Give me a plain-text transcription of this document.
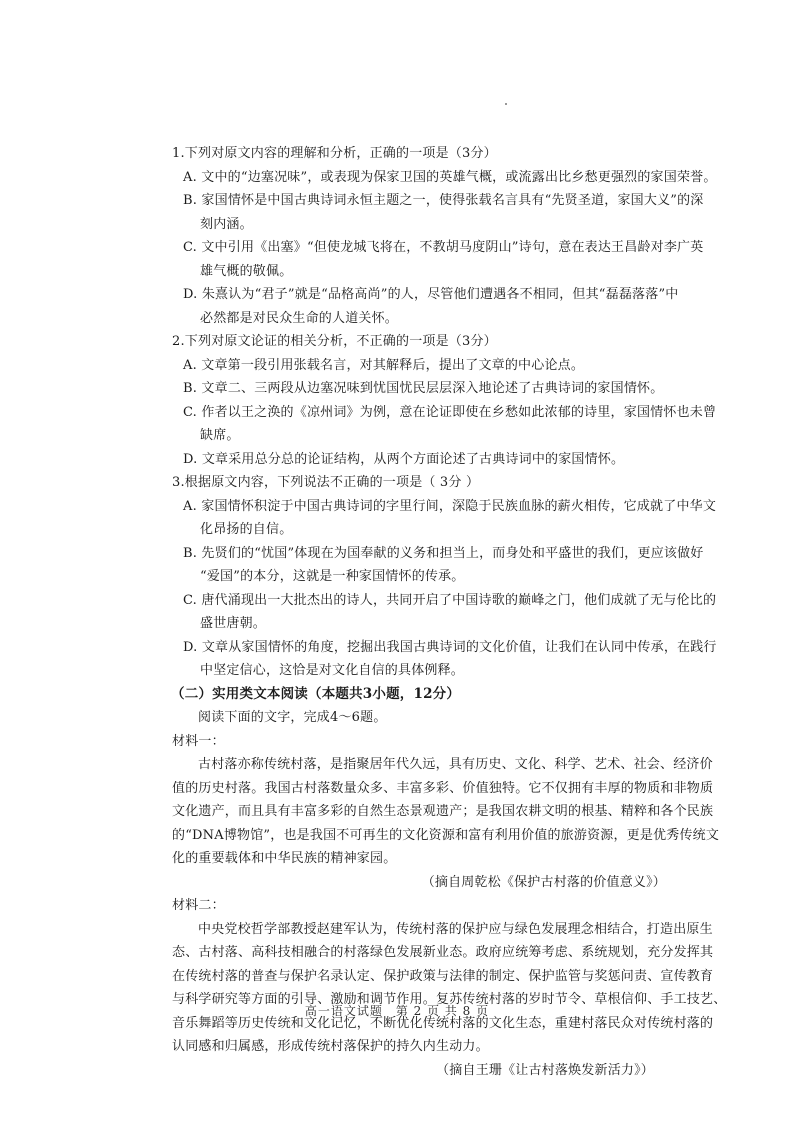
1.下列对原文内容的理解和分析，正确的一项是（3分）
A. 文中的“边塞况味”，或表现为保家卫国的英雄气概，或流露出比乡愁更强烈的家国荣誉。
B. 家国情怀是中国古典诗词永恒主题之一，使得张载名言具有“先贤圣道，家国大义”的深
刻内涵。
C. 文中引用《出塞》“但使龙城飞将在，不教胡马度阴山”诗句，意在表达王昌龄对李广英
雄气概的敬佩。
D. 朱熹认为“君子”就是“品格高尚”的人，尽管他们遭遇各不相同，但其“磊磊落落”中
必然都是对民众生命的人道关怀。
2.下列对原文论证的相关分析，不正确的一项是（3分）
A. 文章第一段引用张载名言，对其解释后，提出了文章的中心论点。
B. 文章二、三两段从边塞况味到忧国忧民层层深入地论述了古典诗词的家国情怀。
C. 作者以王之涣的《凉州词》为例，意在论证即使在乡愁如此浓郁的诗里，家国情怀也未曾
缺席。
D. 文章采用总分总的论证结构，从两个方面论述了古典诗词中的家国情怀。
3.根据原文内容，下列说法不正确的一项是（ 3分 ）
A. 家国情怀积淀于中国古典诗词的字里行间，深隐于民族血脉的薪火相传，它成就了中华文
化昂扬的自信。
B. 先贤们的“忧国”体现在为国奉献的义务和担当上，而身处和平盛世的我们，更应该做好
“爱国”的本分，这就是一种家国情怀的传承。
C. 唐代涌现出一大批杰出的诗人，共同开启了中国诗歌的巅峰之门，他们成就了无与伦比的
盛世唐朝。
D. 文章从家国情怀的角度，挖掘出我国古典诗词的文化价值，让我们在认同中传承，在践行
中坚定信心，这恰是对文化自信的具体例释。
（二）实用类文本阅读（本题共3小题，12分）
阅读下面的文字，完成4～6题。
材料一：
古村落亦称传统村落，是指聚居年代久远，具有历史、文化、科学、艺术、社会、经济价
值的历史村落。我国古村落数量众多、丰富多彩、价值独特。它不仅拥有丰厚的物质和非物质
文化遗产，而且具有丰富多彩的自然生态景观遗产；是我国农耕文明的根基、精粹和各个民族
的“DNA博物馆”，也是我国不可再生的文化资源和富有利用价值的旅游资源，更是优秀传统文
化的重要载体和中华民族的精神家园。
（摘自周乾松《保护古村落的价值意义》）
材料二：
中央党校哲学部教授赵建军认为，传统村落的保护应与绿色发展理念相结合，打造出原生
态、古村落、高科技相融合的村落绿色发展新业态。政府应统筹考虑、系统规划，充分发挥其
在传统村落的普查与保护名录认定、保护政策与法律的制定、保护监管与奖惩问责、宣传教育
与科学研究等方面的引导、激励和调节作用。复苏传统村落的岁时节令、草根信仰、手工技艺、
音乐舞蹈等历史传统和文化记忆，不断优化传统村落的文化生态，重建村落民众对传统村落的
认同感和归属感，形成传统村落保护的持久内生动力。
（摘自王珊《让古村落焕发新活力》）
高一语文试题 第 2 页 共 8 页
